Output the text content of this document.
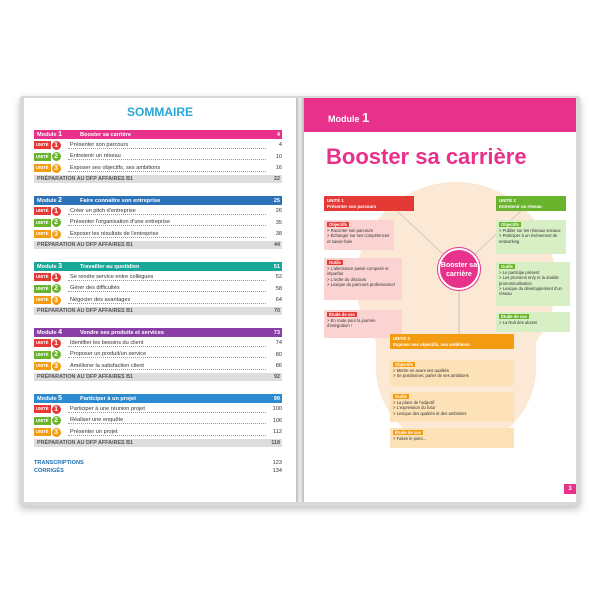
SOMMAIRE
Module 1	Booster sa carrière	4
UNITÉ 1	Présenter son parcours	4
UNITÉ 2	Entretenir un réseau	10
UNITÉ 3	Exposer ses objectifs, ses ambitions	16
PRÉPARATION AU DFP AFFAIRES B1	22
Module 2	Faire connaître son entreprise	25
UNITÉ 1	Créer un pitch d'entreprise	26
UNITÉ 2	Présenter l'organisation d'une entreprise	35
UNITÉ 3	Exposer les résultats de l'entreprise	38
PRÉPARATION AU DFP AFFAIRES B1	44
Module 3	Travailler au quotidien	51
UNITÉ 1	Se rendre service entre collègues	52
UNITÉ 2	Gérer des difficultés	58
UNITÉ 3	Négocier des avantages	64
PRÉPARATION AU DFP AFFAIRES B1	70
Module 4	Vendre ses produits et services	73
UNITÉ 1	Identifier les besoins du client	74
UNITÉ 2	Proposer un produit/un service	80
UNITÉ 3	Améliorer la satisfaction client	86
PRÉPARATION AU DFP AFFAIRES B1	92
Module 5	Participer à un projet	99
UNITÉ 1	Participer à une réunion projet	100
UNITÉ 2	Réaliser une enquête	106
UNITÉ 3	Présenter un projet	112
PRÉPARATION AU DFP AFFAIRES B1	118
TRANSCRIPTIONS	123
CORRIGÉS	134
Module 1
Booster sa carrière
Booster sa carrière
UNITÉ 1
Présenter son parcours
Objectifs
> Raconter son parcours
> Échanger sur ses compétences et savoir-faire
Outils
> L'alternance passé composé et imparfait
> L'ordre du discours
> Lexique du parcours professionnel
Étude de cas
> En route pour la journée d'intégration !
UNITÉ 2
Entretenir un réseau
Objectifs
> Publier sur les réseaux sociaux
> Participer à un événement de networking
Outils
> Le participe présent
> Les pronoms en/y et la double pronominalisation
> Lexique du développement d'un réseau
Étude de cas
> La Nuit des alumni
UNITÉ 3
Exposer ses objectifs, ses ambitions
Objectifs
> Mettre en avant ses qualités
> Se positionner, parler de ses ambitions
Outils
> La place de l'adjectif
> L'expression du futur
> Lexique des qualités et des ambitions
Étude de cas
> Faites le point...
3
